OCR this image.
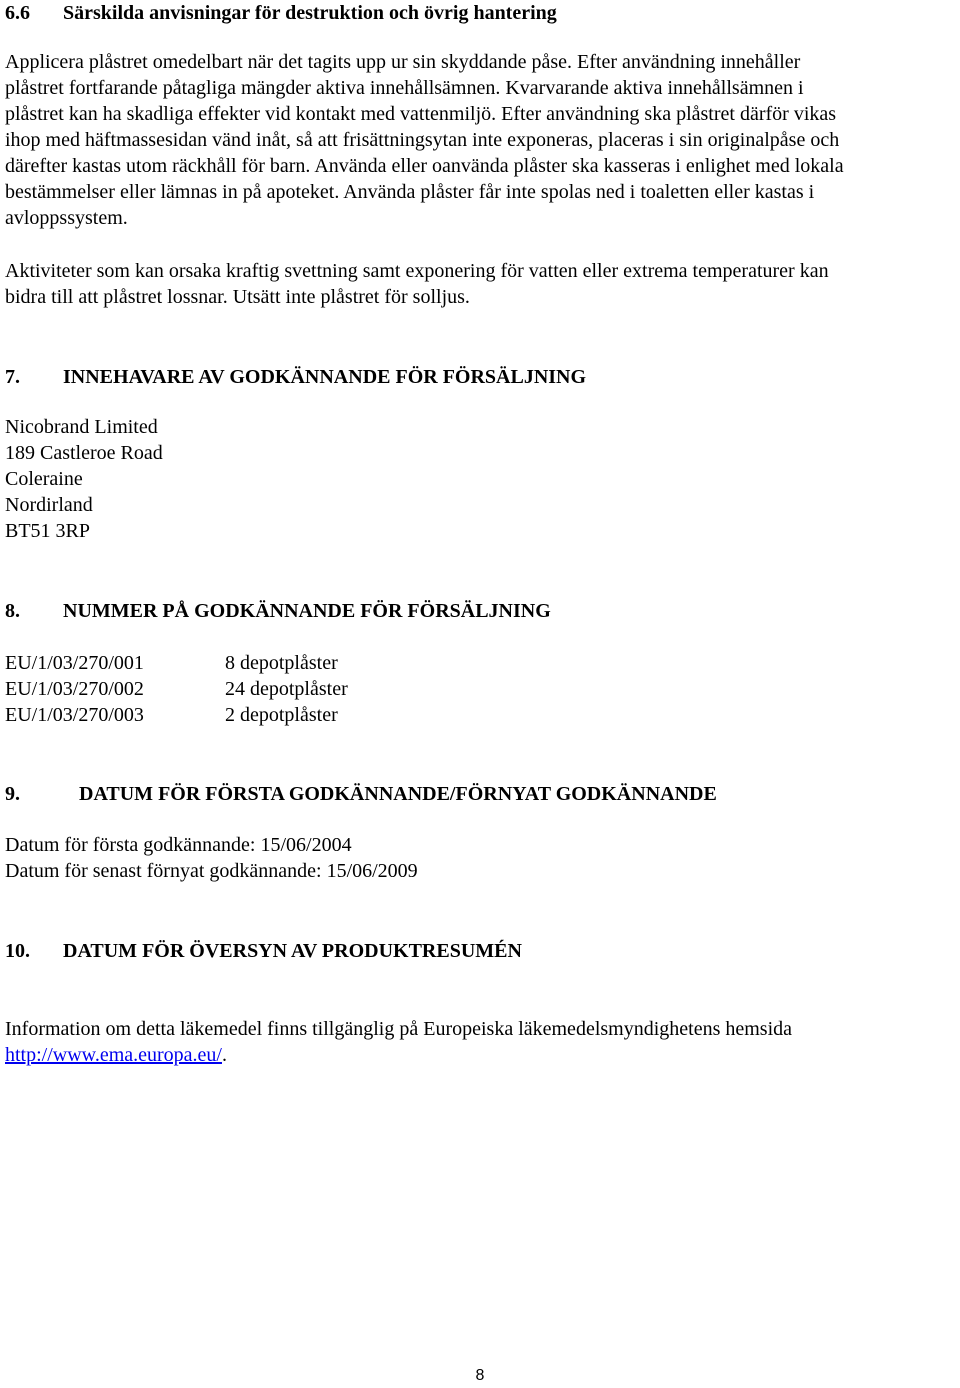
6.6 Särskilda anvisningar för destruktion och övrig hantering
Applicera plåstret omedelbart när det tagits upp ur sin skyddande påse. Efter användning innehåller
plåstret fortfarande påtagliga mängder aktiva innehållsämnen. Kvarvarande aktiva innehållsämnen i
plåstret kan ha skadliga effekter vid kontakt med vattenmiljö. Efter användning ska plåstret därför vikas
ihop med häftmassesidan vänd inåt, så att frisättningsytan inte exponeras, placeras i sin originalpåse och
därefter kastas utom räckhåll för barn. Använda eller oanvända plåster ska kasseras i enlighet med lokala
bestämmelser eller lämnas in på apoteket. Använda plåster får inte spolas ned i toaletten eller kastas i
avloppssystem.
Aktiviteter som kan orsaka kraftig svettning samt exponering för vatten eller extrema temperaturer kan
bidra till att plåstret lossnar. Utsätt inte plåstret för solljus.
7. INNEHAVARE AV GODKÄNNANDE FÖR FÖRSÄLJNING
Nicobrand Limited
189 Castleroe Road
Coleraine
Nordirland
BT51 3RP
8. NUMMER PÅ GODKÄNNANDE FÖR FÖRSÄLJNING
EU/1/03/270/001	8 depotplåster
EU/1/03/270/002	24 depotplåster
EU/1/03/270/003	2 depotplåster
9.	DATUM FÖR FÖRSTA GODKÄNNANDE/FÖRNYAT GODKÄNNANDE
Datum för första godkännande: 15/06/2004
Datum för senast förnyat godkännande: 15/06/2009
10. DATUM FÖR ÖVERSYN AV PRODUKTRESUMÉN
Information om detta läkemedel finns tillgänglig på Europeiska läkemedelsmyndighetens hemsida
http://www.ema.europa.eu/.
8
